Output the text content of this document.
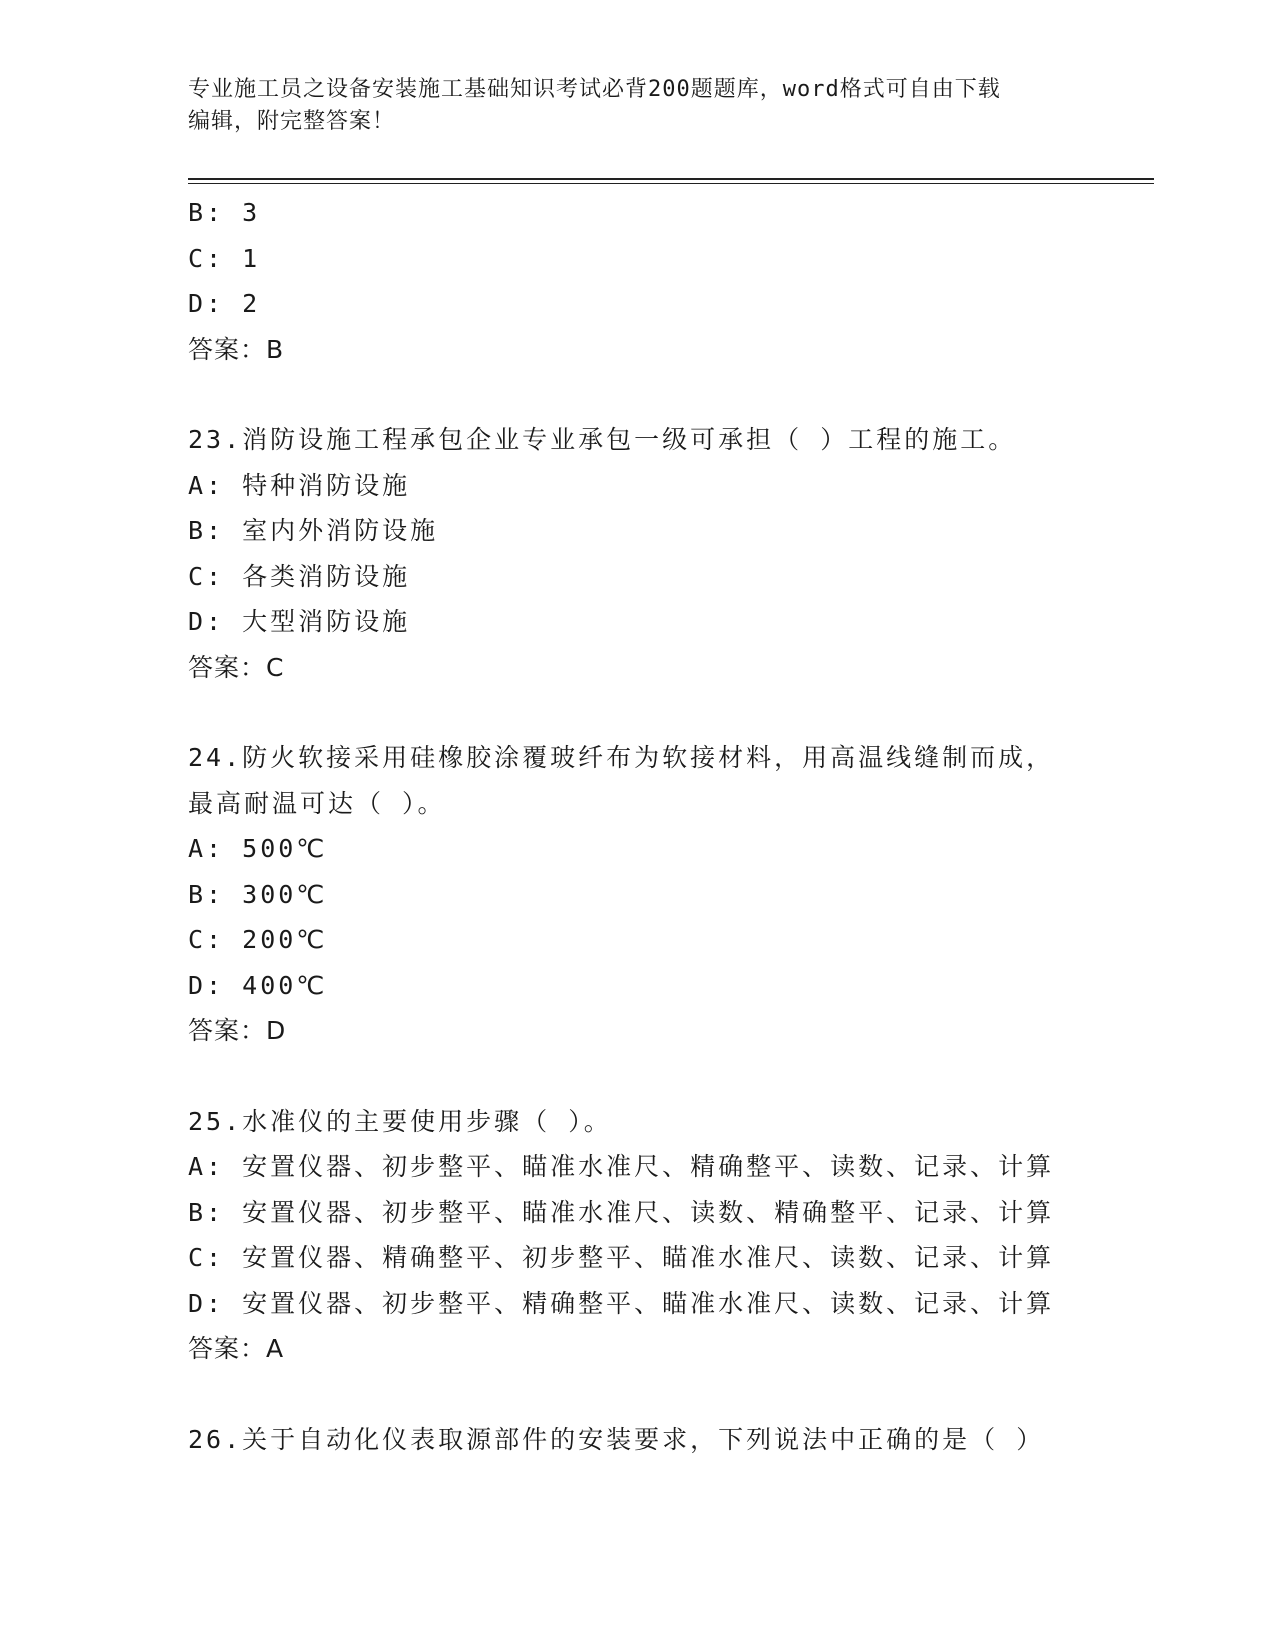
专业施工员之设备安装施工基础知识考试必背200题题库，word格式可自由下载
编辑，附完整答案！
B: 3
C: 1
D: 2
答案：B
23.消防设施工程承包企业专业承包一级可承担（ ）工程的施工。
A: 特种消防设施
B: 室内外消防设施
C: 各类消防设施
D: 大型消防设施
答案：C
24.防火软接采用硅橡胶涂覆玻纤布为软接材料，用高温线缝制而成，
最高耐温可达（ ）。
A: 500℃
B: 300℃
C: 200℃
D: 400℃
答案：D
25.水准仪的主要使用步骤（ ）。
A: 安置仪器、初步整平、瞄准水准尺、精确整平、读数、记录、计算
B: 安置仪器、初步整平、瞄准水准尺、读数、精确整平、记录、计算
C: 安置仪器、精确整平、初步整平、瞄准水准尺、读数、记录、计算
D: 安置仪器、初步整平、精确整平、瞄准水准尺、读数、记录、计算
答案：A
26.关于自动化仪表取源部件的安装要求，下列说法中正确的是（ ）
